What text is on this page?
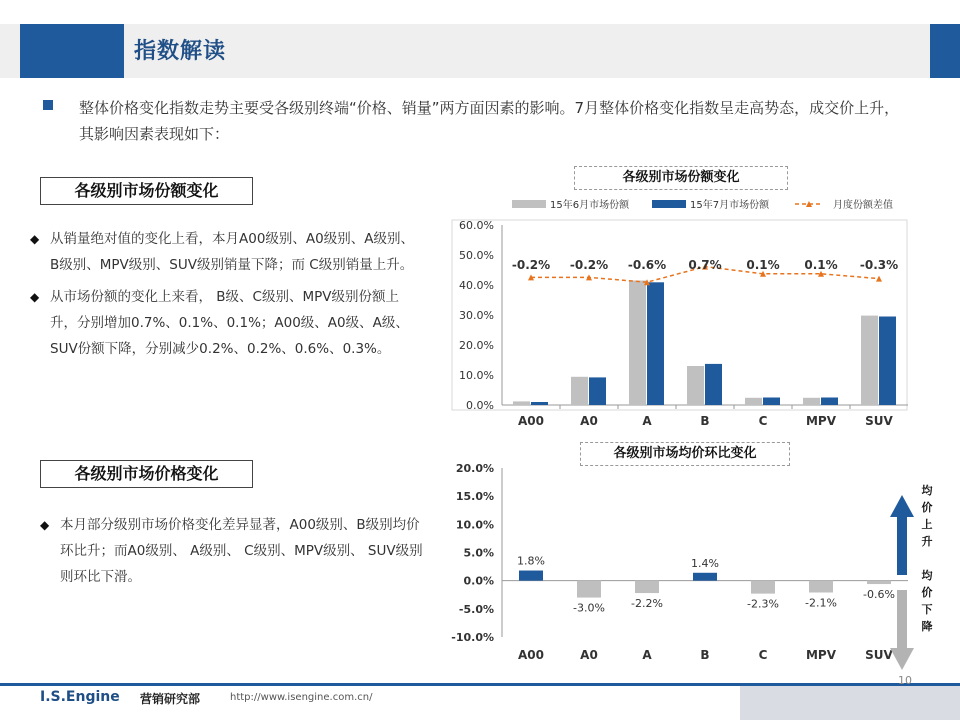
指数解读
整体价格变化指数走势主要受各级别终端“价格、销量”两方面因素的影响。7月整体价格变化指数呈走高势态，成交价上升，其影响因素表现如下：
各级别市场份额变化
◆ 从销量绝对值的变化上看，本月A00级别、A0级别、A级别、 B级别、MPV级别、SUV级别销量下降；而 C级别销量上升。
◆ 从市场份额的变化上来看， B级、C级别、MPV级别份额上升，分别增加0.7%、0.1%、0.1%；A00级、A0级、A级、SUV份额下降，分别减少0.2%、0.2%、0.6%、0.3%。
各级别市场价格变化
◆ 本月部分级别市场价格变化差异显著，A00级别、B级别均价环比升；而A0级别、 A级别、 C级别、MPV级别、 SUV级别则环比下滑。
0.0%
10.0%
20.0%
30.0%
40.0%
50.0%
60.0%
A00	A0	A	B	C	MPV SUV
-0.2% -0.2% -0.6% 0.7% 0.1% 0.1% -0.3%
15年6月市场份额	15年7月市场份额	月度份额差值
各级别市场份额变化
-10.0%
-5.0%
0.0%
5.0%
10.0%
15.0%
20.0%
1.8%
A00
-3.0%
A0
-2.2%
A
1.4%
B
-2.3%
C
-2.1%
MPV
-0.6%
SUV
各级别市场均价环比变化
均
价
上
升
均
价
下
降
I.S.Engine 营销研究部	http://www.isengine.com.cn/
10
